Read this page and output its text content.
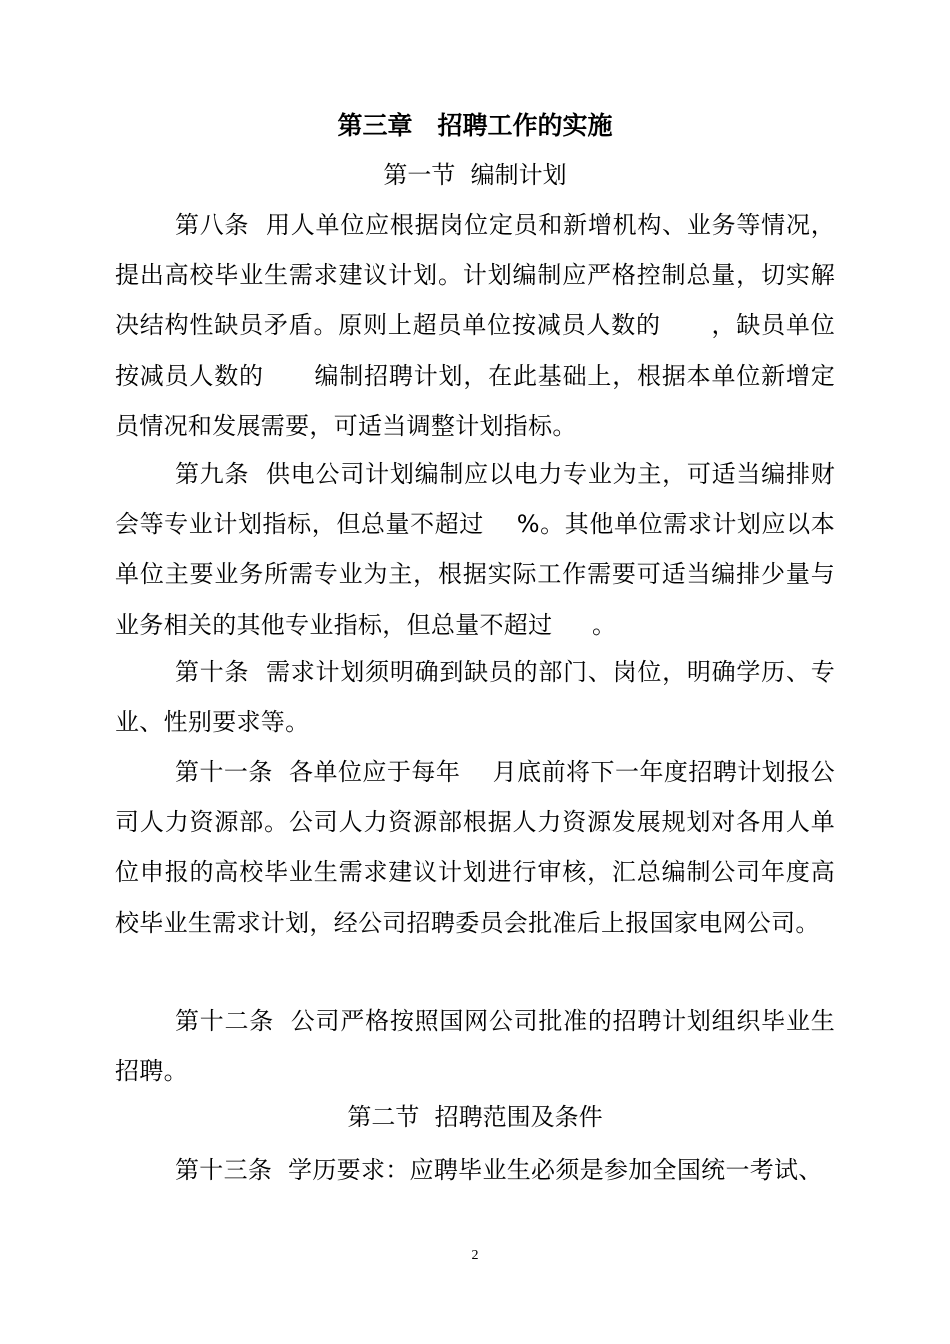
第三章　招聘工作的实施
第一节  编制计划
第八条  用人单位应根据岗位定员和新增机构、业务等情况，提出高校毕业生需求建议计划。计划编制应严格控制总量，切实解决结构性缺员矛盾。原则上超员单位按减员人数的      ，缺员单位按减员人数的      编制招聘计划，在此基础上，根据本单位新增定员情况和发展需要，可适当调整计划指标。
第九条  供电公司计划编制应以电力专业为主，可适当编排财会等专业计划指标，但总量不超过    %。其他单位需求计划应以本单位主要业务所需专业为主，根据实际工作需要可适当编排少量与业务相关的其他专业指标，但总量不超过     。
第十条  需求计划须明确到缺员的部门、岗位，明确学历、专业、性别要求等。
第十一条  各单位应于每年    月底前将下一年度招聘计划报公司人力资源部。公司人力资源部根据人力资源发展规划对各用人单位申报的高校毕业生需求建议计划进行审核，汇总编制公司年度高校毕业生需求计划，经公司招聘委员会批准后上报国家电网公司。
第十二条  公司严格按照国网公司批准的招聘计划组织毕业生招聘。
第二节  招聘范围及条件
第十三条  学历要求：应聘毕业生必须是参加全国统一考试、
2
